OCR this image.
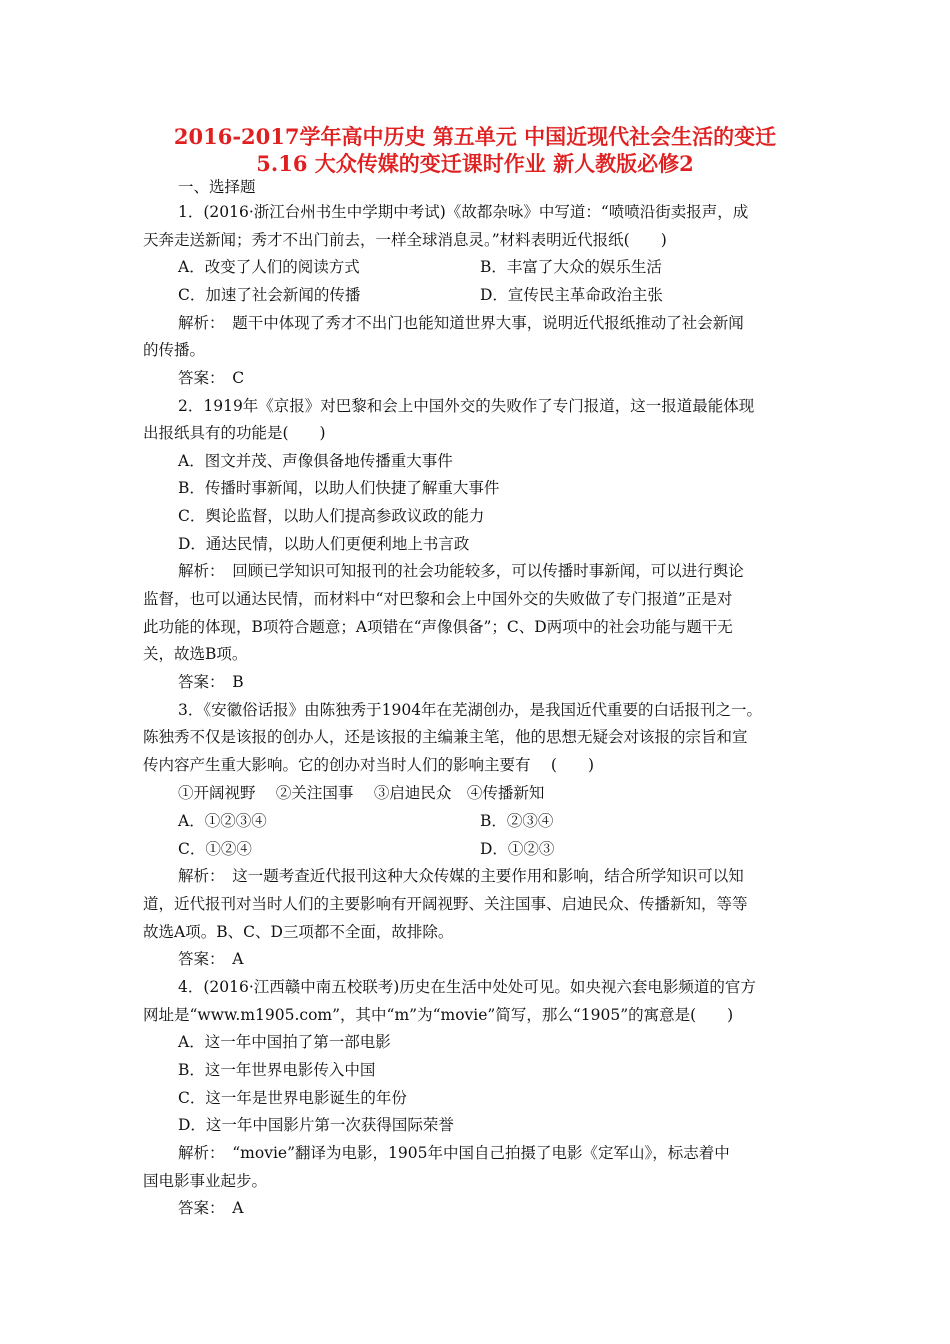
2016-2017学年高中历史 第五单元 中国近现代社会生活的变迁
5.16 大众传媒的变迁课时作业 新人教版必修2
一、选择题
1．(2016·浙江台州书生中学期中考试)《故都杂咏》中写道：“喷喷沿街卖报声，成
天奔走送新闻；秀才不出门前去，一样全球消息灵。”材料表明近代报纸(　　)
A．改变了人们的阅读方式	B．丰富了大众的娱乐生活
C．加速了社会新闻的传播	D．宣传民主革命政治主张
解析：　题干中体现了秀才不出门也能知道世界大事，说明近代报纸推动了社会新闻
的传播。
答案：　C
2．1919年《京报》对巴黎和会上中国外交的失败作了专门报道，这一报道最能体现
出报纸具有的功能是(　　)
A．图文并茂、声像俱备地传播重大事件
B．传播时事新闻，以助人们快捷了解重大事件
C．舆论监督，以助人们提高参政议政的能力
D．通达民情，以助人们更便利地上书言政
解析：　回顾已学知识可知报刊的社会功能较多，可以传播时事新闻，可以进行舆论
监督，也可以通达民情，而材料中“对巴黎和会上中国外交的失败做了专门报道”正是对
此功能的体现，B项符合题意；A项错在“声像俱备”；C、D两项中的社会功能与题干无
关，故选B项。
答案：　B
3．《安徽俗话报》由陈独秀于1904年在芜湖创办，是我国近代重要的白话报刊之一。
陈独秀不仅是该报的创办人，还是该报的主编兼主笔，他的思想无疑会对该报的宗旨和宣
传内容产生重大影响。它的创办对当时人们的影响主要有　 (　　)
①开阔视野　 ②关注国事　 ③启迪民众　④传播新知
A．①②③④	B．②③④
C．①②④	D．①②③
解析：　这一题考查近代报刊这种大众传媒的主要作用和影响，结合所学知识可以知
道，近代报刊对当时人们的主要影响有开阔视野、关注国事、启迪民众、传播新知，等等
故选A项。B、C、D三项都不全面，故排除。
答案：　A
4．(2016·江西赣中南五校联考)历史在生活中处处可见。如央视六套电影频道的官方
网址是“www.m1905.com”，其中“m”为“movie”简写，那么“1905”的寓意是(　　)
A．这一年中国拍了第一部电影
B．这一年世界电影传入中国
C．这一年是世界电影诞生的年份
D．这一年中国影片第一次获得国际荣誉
解析：　“movie”翻译为电影，1905年中国自己拍摄了电影《定军山》，标志着中
国电影事业起步。
答案：　A
